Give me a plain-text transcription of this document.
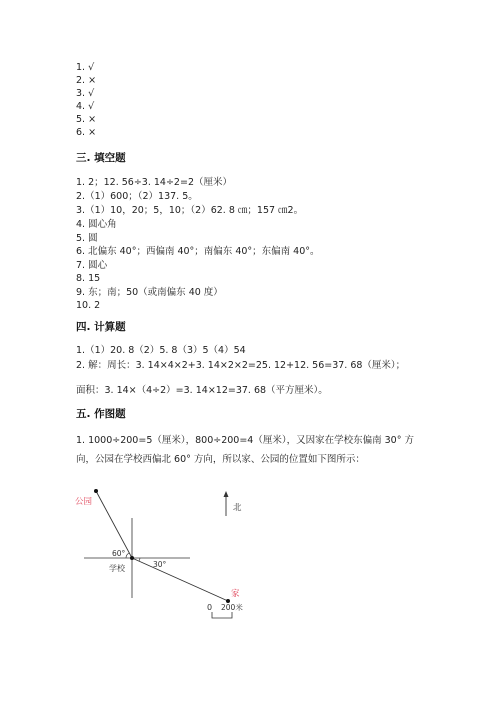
1. √
2. ×
3. √
4. √
5. ×
6. ×
三. 填空题
1. 2；12. 56÷3. 14÷2=2（厘米）
2.（1）600；（2）137. 5。
3.（1）10，20；5，10；（2）62. 8 ㎝；157 ㎝2。
4. 圆心角
5. 圆
6. 北偏东 40°；西偏南 40°；南偏东 40°；东偏南 40°。
7. 圆心
8. 15
9. 东；南；50（或南偏东 40 度）
10. 2
四. 计算题
1.（1）20. 8（2）5. 8（3）5（4）54
2. 解：周长：3. 14×4×2+3. 14×2×2=25. 12+12. 56=37. 68（厘米）；
面积：3. 14×（4÷2）=3. 14×12=37. 68（平方厘米）。
五. 作图题
1. 1000÷200=5（厘米），800÷200=4（厘米），又因家在学校东偏南 30° 方
向，公园在学校西偏北 60° 方向，所以家、公园的位置如下图所示：
公园
60°
30°
学校
家
北
0 200米
